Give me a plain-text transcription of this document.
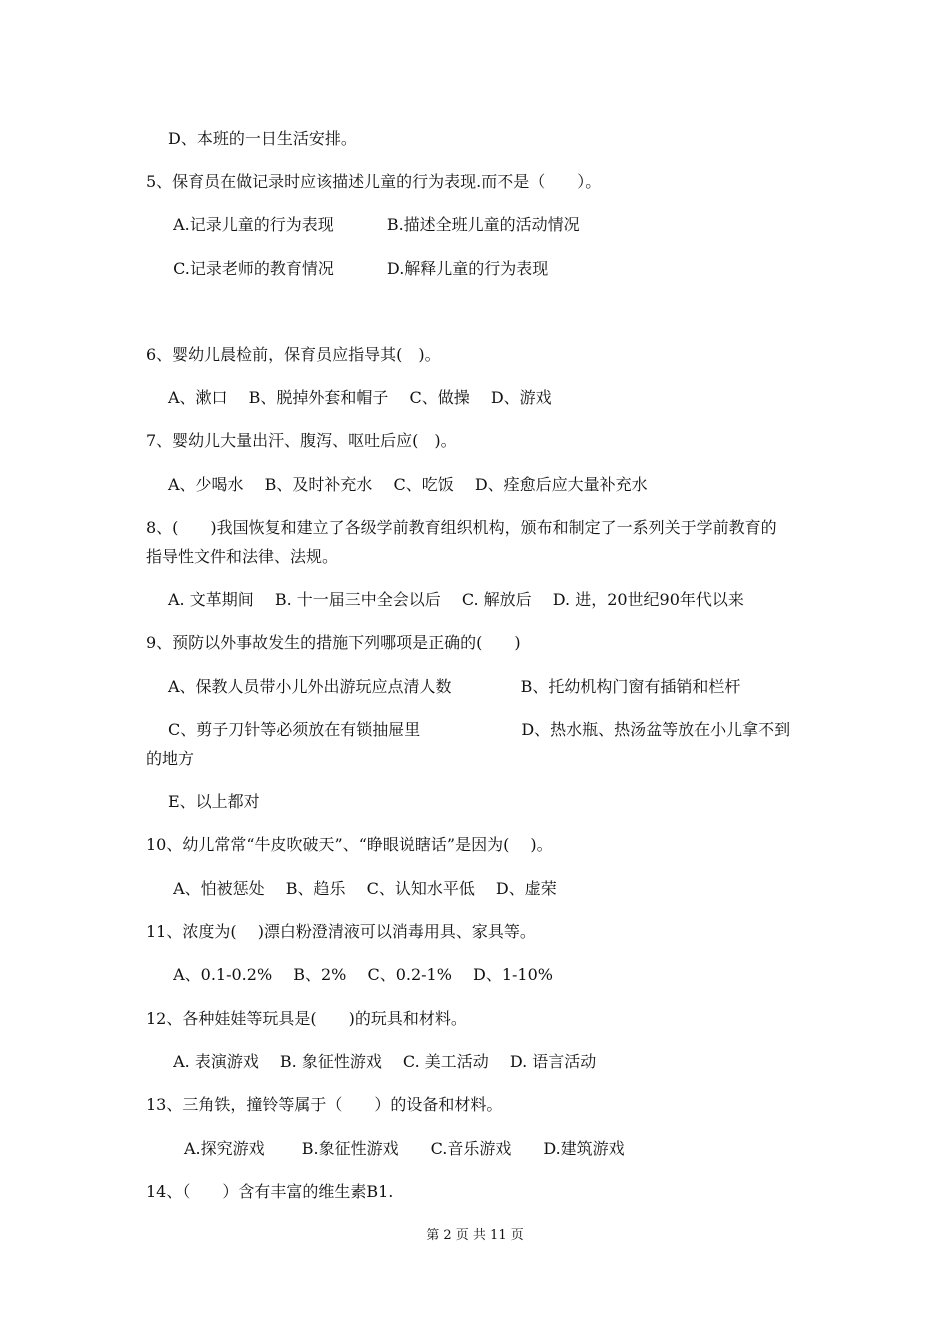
D、本班的一日生活安排。
5、保育员在做记录时应该描述儿童的行为表现.而不是（　　）。
A.记录儿童的行为表现　　　 B.描述全班儿童的活动情况
C.记录老师的教育情况　　　 D.解释儿童的行为表现
6、婴幼儿晨检前，保育员应指导其(　)。
A、漱口　 B、脱掉外套和帽子　 C、做操　 D、游戏
7、婴幼儿大量出汗、腹泻、呕吐后应(　)。
A、少喝水　 B、及时补充水　 C、吃饭　 D、痊愈后应大量补充水
8、(　　)我国恢复和建立了各级学前教育组织机构，颁布和制定了一系列关于学前教育的
指导性文件和法律、法规。
A. 文革期间　 B. 十一届三中全会以后　 C. 解放后　 D. 进，20世纪90年代以来
9、预防以外事故发生的措施下列哪项是正确的(　　)
A、保教人员带小儿外出游玩应点清人数　　　　 B、托幼机构门窗有插销和栏杆
C、剪子刀针等必须放在有锁抽屉里　　　　　　 D、热水瓶、热汤盆等放在小儿拿不到
的地方
E、以上都对
10、幼儿常常“牛皮吹破天”、“睁眼说瞎话”是因为(　 )。
A、怕被惩处　 B、趋乐　 C、认知水平低　 D、虚荣
11、浓度为(　 )漂白粉澄清液可以消毒用具、家具等。
A、0.1-0.2%　 B、2%　 C、0.2-1%　 D、1-10%
12、各种娃娃等玩具是(　　)的玩具和材料。
A. 表演游戏　 B. 象征性游戏　 C. 美工活动　 D. 语言活动
13、三角铁，撞铃等属于（　　）的设备和材料。
　A.探究游戏　　 B.象征性游戏　　C.音乐游戏　　D.建筑游戏
14、（　　）含有丰富的维生素B1.
第 2 页 共 11 页
